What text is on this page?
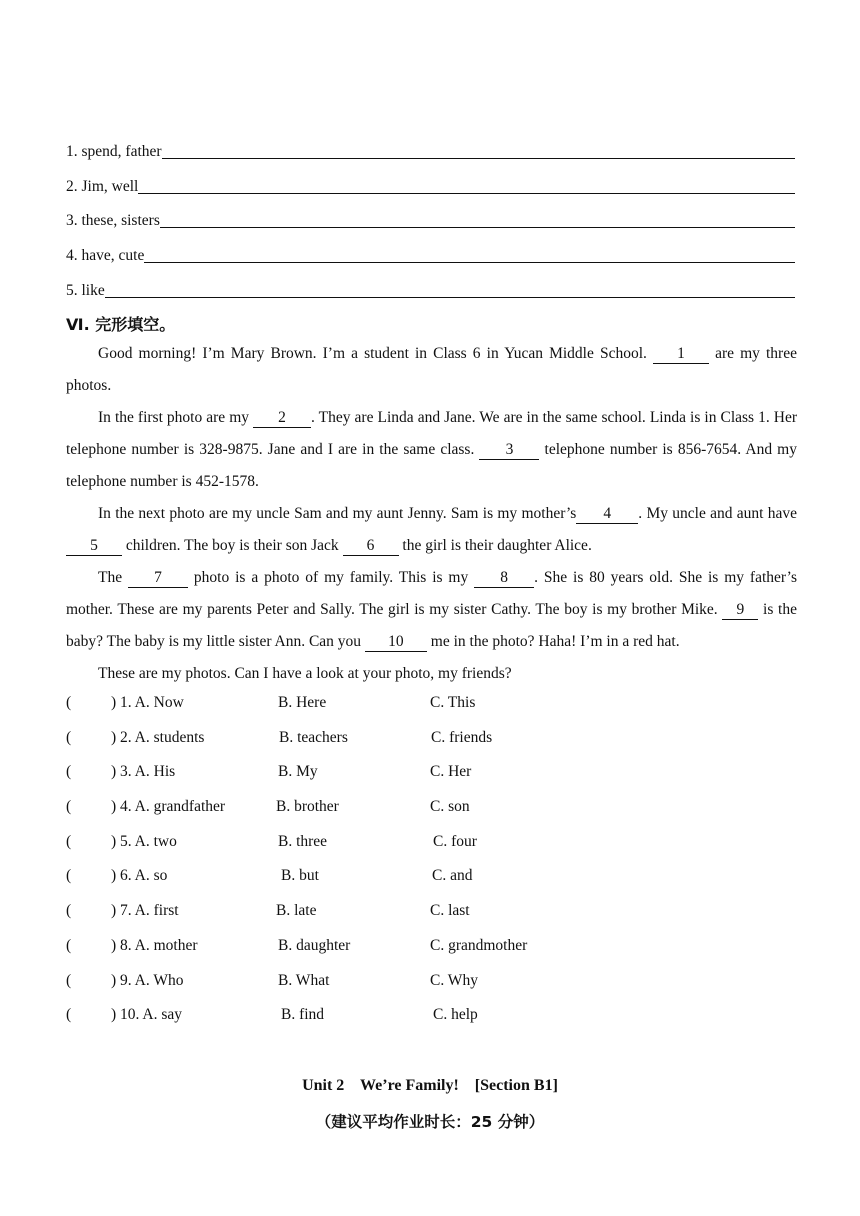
1. spend, father
2. Jim, well
3. these, sisters
4. have, cute
5. like
Ⅵ. 完形填空。

Good morning! I’m Mary Brown. I’m a student in Class 6 in Yucan Middle School. 1 are my three photos.

In the first photo are my 2 . They are Linda and Jane. We are in the same school. Linda is in Class 1. Her telephone number is 328-9875. Jane and I are in the same class. 3 telephone number is 856-7654. And my telephone number is 452-1578.

In the next photo are my uncle Sam and my aunt Jenny. Sam is my mother’s 4 . My uncle and aunt have5 children. The boy is their son Jack 6 the girl is their daughter Alice.

The 7 photo is a photo of my family. This is my 8 . She is 80 years old. She is my father’s mother. These are my parents Peter and Sally. The girl is my sister Cathy. The boy is my brother Mike. 9 is the baby? The baby is my little sister Ann. Can you 10 me in the photo? Haha! I’m in a red hat.

These are my photos. Can I have a look at your photo, my friends?

(	) 1. A. Now	B. Here	C. This
(	) 2. A. students	B. teachers	C. friends
(	) 3. A. His	B. My	C. Her
(	) 4. A. grandfather	B. brother	C. son
(	) 5. A. two	B. three	C. four
(	) 6. A. so	B. but	C. and
(	) 7. A. first	B. late	C. last
(	) 8. A. mother	B. daughter	C. grandmother
(	) 9. A. Who	B. What	C. Why
(	) 10. A. say	B. find	C. help
Unit 2    We’re Family!    [Section B1]
（建议平均作业时长：25 分钟）
